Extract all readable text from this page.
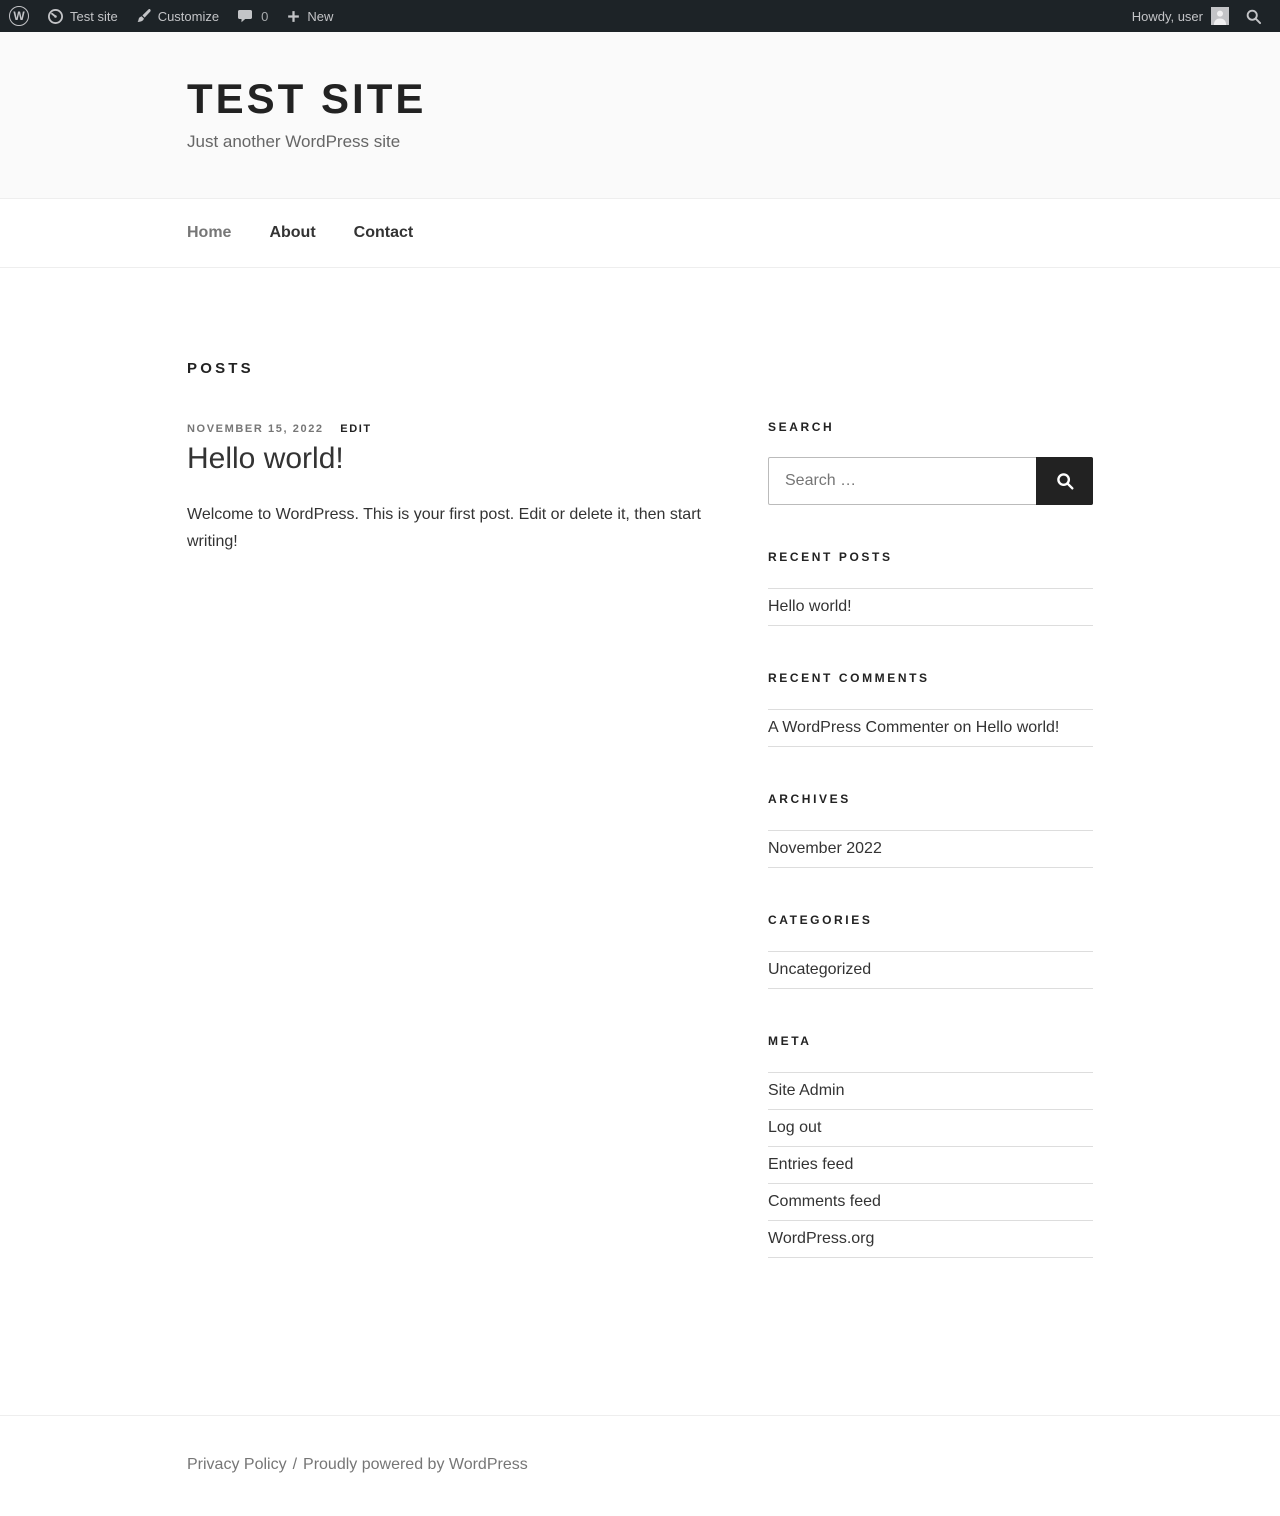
W	Test site	Customize	0	New	Howdy, user
TEST SITE

Just another WordPress site

Home About Contact
POSTS
NOVEMBER 15, 2022 EDIT
Hello world!

Welcome to WordPress. This is your first post. Edit or delete it, then start writing!

SEARCH
Search …
RECENT POSTS
Hello world!
RECENT COMMENTS
A WordPress Commenter on Hello world!
ARCHIVES
November 2022
CATEGORIES
Uncategorized
META
Site Admin
Log out
Entries feed
Comments feed
WordPress.org

Privacy Policy / Proudly powered by WordPress
